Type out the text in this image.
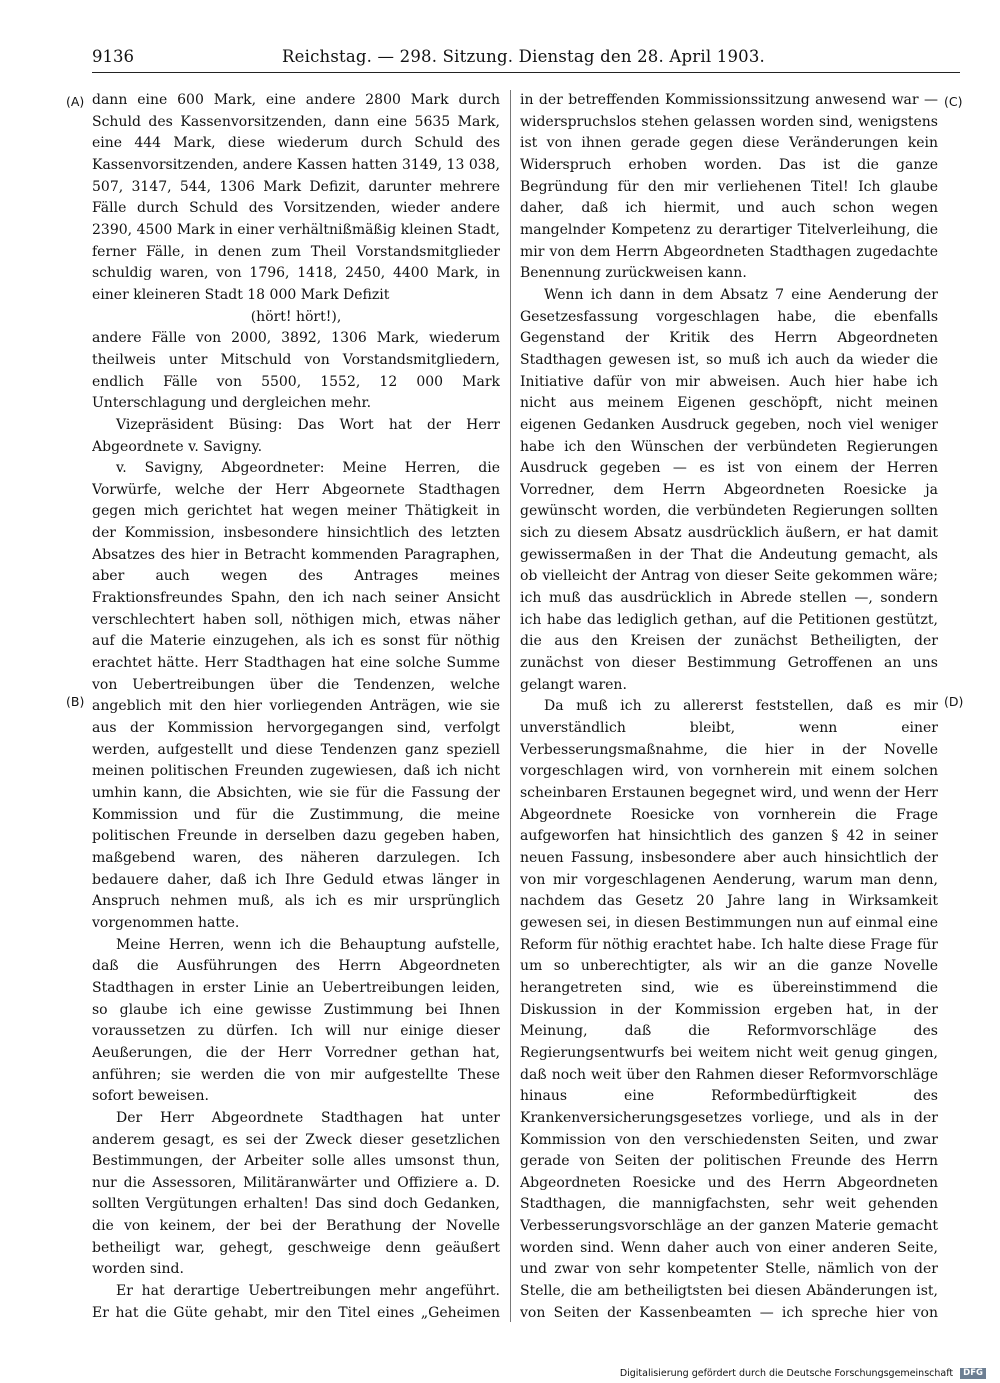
9136	Reichstag. — 298. Sitzung. Dienstag den 28. April 1903.
(A)
(B)
(C)
(D)

dann eine 600 Mark, eine andere 2800 Mark durch Schuld des Kassenvorsitzenden, dann eine 5635 Mark, eine 444 Mark, diese wiederum durch Schuld des Kassenvorsitzenden, andere Kassen hatten 3149, 13 038, 507, 3147, 544, 1306 Mark Defizit, darunter mehrere Fälle durch Schuld des Vorsitzenden, wieder andere 2390, 4500 Mark in einer verhältnißmäßig kleinen Stadt, ferner Fälle, in denen zum Theil Vorstandsmitglieder schuldig waren, von 1796, 1418, 2450, 4400 Mark, in einer kleineren Stadt 18 000 Mark Defizit

(hört! hört!),

andere Fälle von 2000, 3892, 1306 Mark, wiederum theilweis unter Mitschuld von Vorstandsmitgliedern, endlich Fälle von 5500, 1552, 12 000 Mark Unterschlagung und dergleichen mehr.

Vizepräsident Büsing: Das Wort hat der Herr Abgeordnete v. Savigny.

v. Savigny, Abgeordneter: Meine Herren, die Vorwürfe, welche der Herr Abgeornete Stadthagen gegen mich gerichtet hat wegen meiner Thätigkeit in der Kommission, insbesondere hinsichtlich des letzten Absatzes des hier in Betracht kommenden Paragraphen, aber auch wegen des Antrages meines Fraktionsfreundes Spahn, den ich nach seiner Ansicht verschlechtert haben soll, nöthigen mich, etwas näher auf die Materie einzugehen, als ich es sonst für nöthig erachtet hätte. Herr Stadthagen hat eine solche Summe von Uebertreibungen über die Tendenzen, welche angeblich mit den hier vorliegenden Anträgen, wie sie aus der Kommission hervorgegangen sind, verfolgt werden, aufgestellt und diese Tendenzen ganz speziell meinen politischen Freunden zugewiesen, daß ich nicht umhin kann, die Absichten, wie sie für die Fassung der Kommission und für die Zustimmung, die meine politischen Freunde in derselben dazu gegeben haben, maßgebend waren, des näheren darzulegen. Ich bedauere daher, daß ich Ihre Geduld etwas länger in Anspruch nehmen muß, als ich es mir ursprünglich vorgenommen hatte.

Meine Herren, wenn ich die Behauptung aufstelle, daß die Ausführungen des Herrn Abgeordneten Stadthagen in erster Linie an Uebertreibungen leiden, so glaube ich eine gewisse Zustimmung bei Ihnen voraussetzen zu dürfen. Ich will nur einige dieser Aeußerungen, die der Herr Vorredner gethan hat, anführen; sie werden die von mir aufgestellte These sofort beweisen.

Der Herr Abgeordnete Stadthagen hat unter anderem gesagt, es sei der Zweck dieser gesetzlichen Bestimmungen, der Arbeiter solle alles umsonst thun, nur die Assessoren, Militäranwärter und Offiziere a. D. sollten Vergütungen erhalten! Das sind doch Gedanken, die von keinem, der bei der Berathung der Novelle betheiligt war, gehegt, geschweige denn geäußert worden sind.

Er hat derartige Uebertreibungen mehr angeführt. Er hat die Güte gehabt, mir den Titel eines „Geheimen

in der betreffenden Kommissionssitzung anwesend war — widerspruchslos stehen gelassen worden sind, wenigstens ist von ihnen gerade gegen diese Veränderungen kein Widerspruch erhoben worden. Das ist die ganze Begründung für den mir verliehenen Titel! Ich glaube daher, daß ich hiermit, und auch schon wegen mangelnder Kompetenz zu derartiger Titelverleihung, die mir von dem Herrn Abgeordneten Stadthagen zugedachte Benennung zurückweisen kann.

Wenn ich dann in dem Absatz 7 eine Aenderung der Gesetzesfassung vorgeschlagen habe, die ebenfalls Gegenstand der Kritik des Herrn Abgeordneten Stadthagen gewesen ist, so muß ich auch da wieder die Initiative dafür von mir abweisen. Auch hier habe ich nicht aus meinem Eigenen geschöpft, nicht meinen eigenen Gedanken Ausdruck gegeben, noch viel weniger habe ich den Wünschen der verbündeten Regierungen Ausdruck gegeben — es ist von einem der Herren Vorredner, dem Herrn Abgeordneten Roesicke ja gewünscht worden, die verbündeten Regierungen sollten sich zu diesem Absatz ausdrücklich äußern, er hat damit gewissermaßen in der That die Andeutung gemacht, als ob vielleicht der Antrag von dieser Seite gekommen wäre; ich muß das ausdrücklich in Abrede stellen —, sondern ich habe das lediglich gethan, auf die Petitionen gestützt, die aus den Kreisen der zunächst Betheiligten, der zunächst von dieser Bestimmung Getroffenen an uns gelangt waren.

Da muß ich zu allererst feststellen, daß es mir unverständlich bleibt, wenn einer Verbesserungsmaßnahme, die hier in der Novelle vorgeschlagen wird, von vornherein mit einem solchen scheinbaren Erstaunen begegnet wird, und wenn der Herr Abgeordnete Roesicke von vornherein die Frage aufgeworfen hat hinsichtlich des ganzen § 42 in seiner neuen Fassung, insbesondere aber auch hinsichtlich der von mir vorgeschlagenen Aenderung, warum man denn, nachdem das Gesetz 20 Jahre lang in Wirksamkeit gewesen sei, in diesen Bestimmungen nun auf einmal eine Reform für nöthig erachtet habe. Ich halte diese Frage für um so unberechtigter, als wir an die ganze Novelle herangetreten sind, wie es übereinstimmend die Diskussion in der Kommission ergeben hat, in der Meinung, daß die Reformvorschläge des Regierungsentwurfs bei weitem nicht weit genug gingen, daß noch weit über den Rahmen dieser Reformvorschläge hinaus eine Reformbedürftigkeit des Krankenversicherungsgesetzes vorliege, und als in der Kommission von den verschiedensten Seiten, und zwar gerade von Seiten der politischen Freunde des Herrn Abgeordneten Roesicke und des Herrn Abgeordneten Stadthagen, die mannigfachsten, sehr weit gehenden Verbesserungsvorschläge an der ganzen Materie gemacht worden sind. Wenn daher auch von einer anderen Seite, und zwar von sehr kompetenter Stelle, nämlich von der Stelle, die am betheiligtsten bei diesen Abänderungen ist, von Seiten der Kassenbeamten — ich spreche hier von

Digitalisierung gefördert durch die Deutsche Forschungsgemeinschaft DFG
